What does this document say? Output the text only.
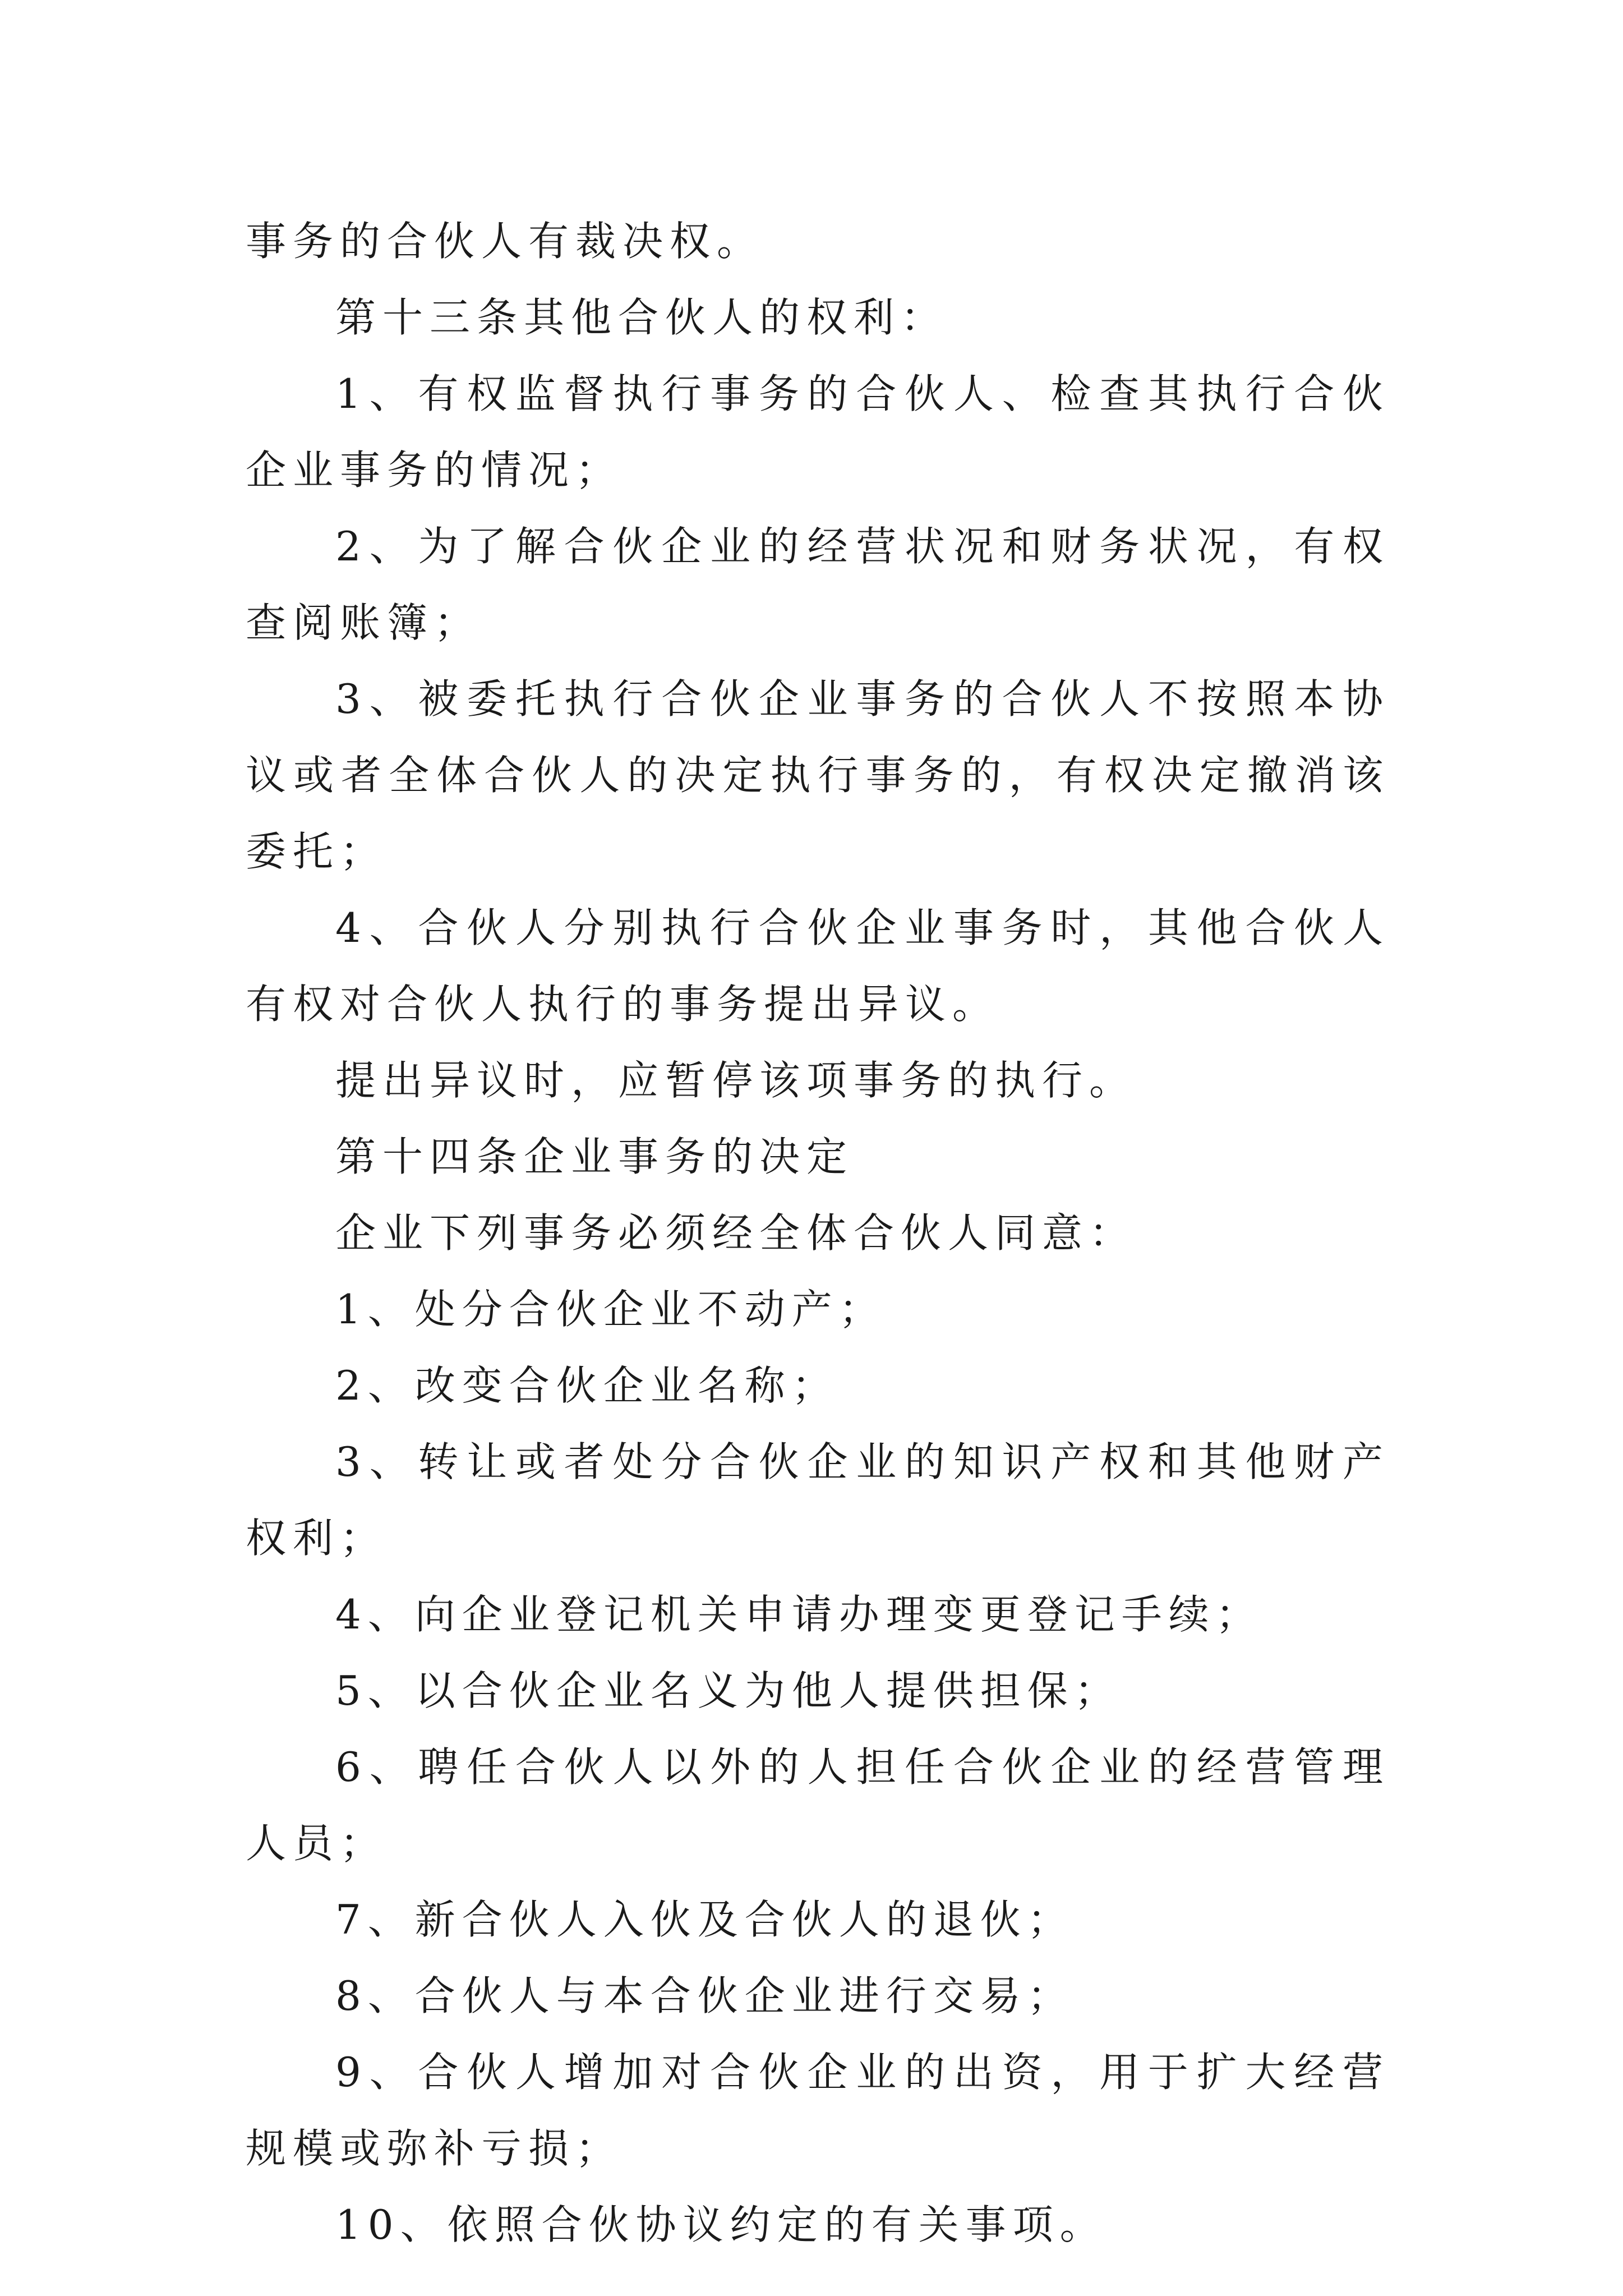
事务的合伙人有裁决权。

第十三条其他合伙人的权利：

1、有权监督执行事务的合伙人、检查其执行合伙企业事务的情况；

2、为了解合伙企业的经营状况和财务状况，有权查阅账簿；

3、被委托执行合伙企业事务的合伙人不按照本协议或者全体合伙人的决定执行事务的，有权决定撤消该委托；

4、合伙人分别执行合伙企业事务时，其他合伙人有权对合伙人执行的事务提出异议。

提出异议时，应暂停该项事务的执行。

第十四条企业事务的决定

企业下列事务必须经全体合伙人同意：

1、处分合伙企业不动产；

2、改变合伙企业名称；

3、转让或者处分合伙企业的知识产权和其他财产权利；

4、向企业登记机关申请办理变更登记手续；

5、以合伙企业名义为他人提供担保；

6、聘任合伙人以外的人担任合伙企业的经营管理人员；

7、新合伙人入伙及合伙人的退伙；

8、合伙人与本合伙企业进行交易；

9、合伙人增加对合伙企业的出资，用于扩大经营规模或弥补亏损；

10、依照合伙协议约定的有关事项。
